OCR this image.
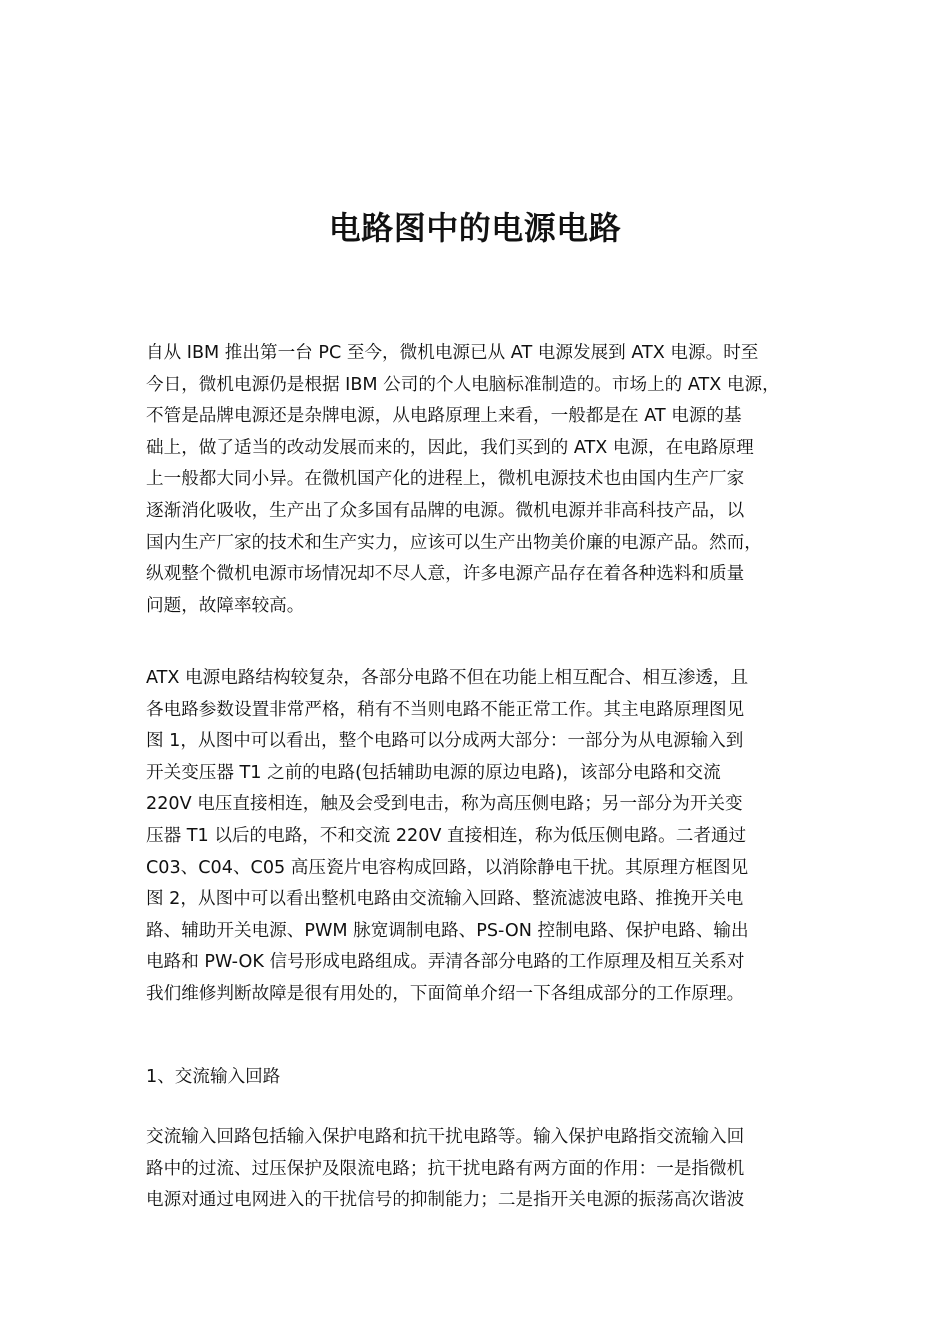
电路图中的电源电路
自从 IBM 推出第一台 PC 至今，微机电源已从 AT 电源发展到 ATX 电源。时至
今日，微机电源仍是根据 IBM 公司的个人电脑标准制造的。市场上的 ATX 电源，
不管是品牌电源还是杂牌电源，从电路原理上来看，一般都是在 AT 电源的基
础上，做了适当的改动发展而来的，因此，我们买到的 ATX 电源，在电路原理
上一般都大同小异。在微机国产化的进程上，微机电源技术也由国内生产厂家
逐渐消化吸收，生产出了众多国有品牌的电源。微机电源并非高科技产品，以
国内生产厂家的技术和生产实力，应该可以生产出物美价廉的电源产品。然而，
纵观整个微机电源市场情况却不尽人意，许多电源产品存在着各种选料和质量
问题，故障率较高。
ATX 电源电路结构较复杂，各部分电路不但在功能上相互配合、相互渗透，且
各电路参数设置非常严格，稍有不当则电路不能正常工作。其主电路原理图见
图 1，从图中可以看出，整个电路可以分成两大部分：一部分为从电源输入到
开关变压器 T1 之前的电路(包括辅助电源的原边电路)，该部分电路和交流
220V 电压直接相连，触及会受到电击，称为高压侧电路；另一部分为开关变
压器 T1 以后的电路，不和交流 220V 直接相连，称为低压侧电路。二者通过
C03、C04、C05 高压瓷片电容构成回路，以消除静电干扰。其原理方框图见
图 2，从图中可以看出整机电路由交流输入回路、整流滤波电路、推挽开关电
路、辅助开关电源、PWM 脉宽调制电路、PS-ON 控制电路、保护电路、输出
电路和 PW-OK 信号形成电路组成。弄清各部分电路的工作原理及相互关系对
我们维修判断故障是很有用处的，下面简单介绍一下各组成部分的工作原理。
1、交流输入回路
交流输入回路包括输入保护电路和抗干扰电路等。输入保护电路指交流输入回
路中的过流、过压保护及限流电路；抗干扰电路有两方面的作用：一是指微机
电源对通过电网进入的干扰信号的抑制能力；二是指开关电源的振荡高次谐波
